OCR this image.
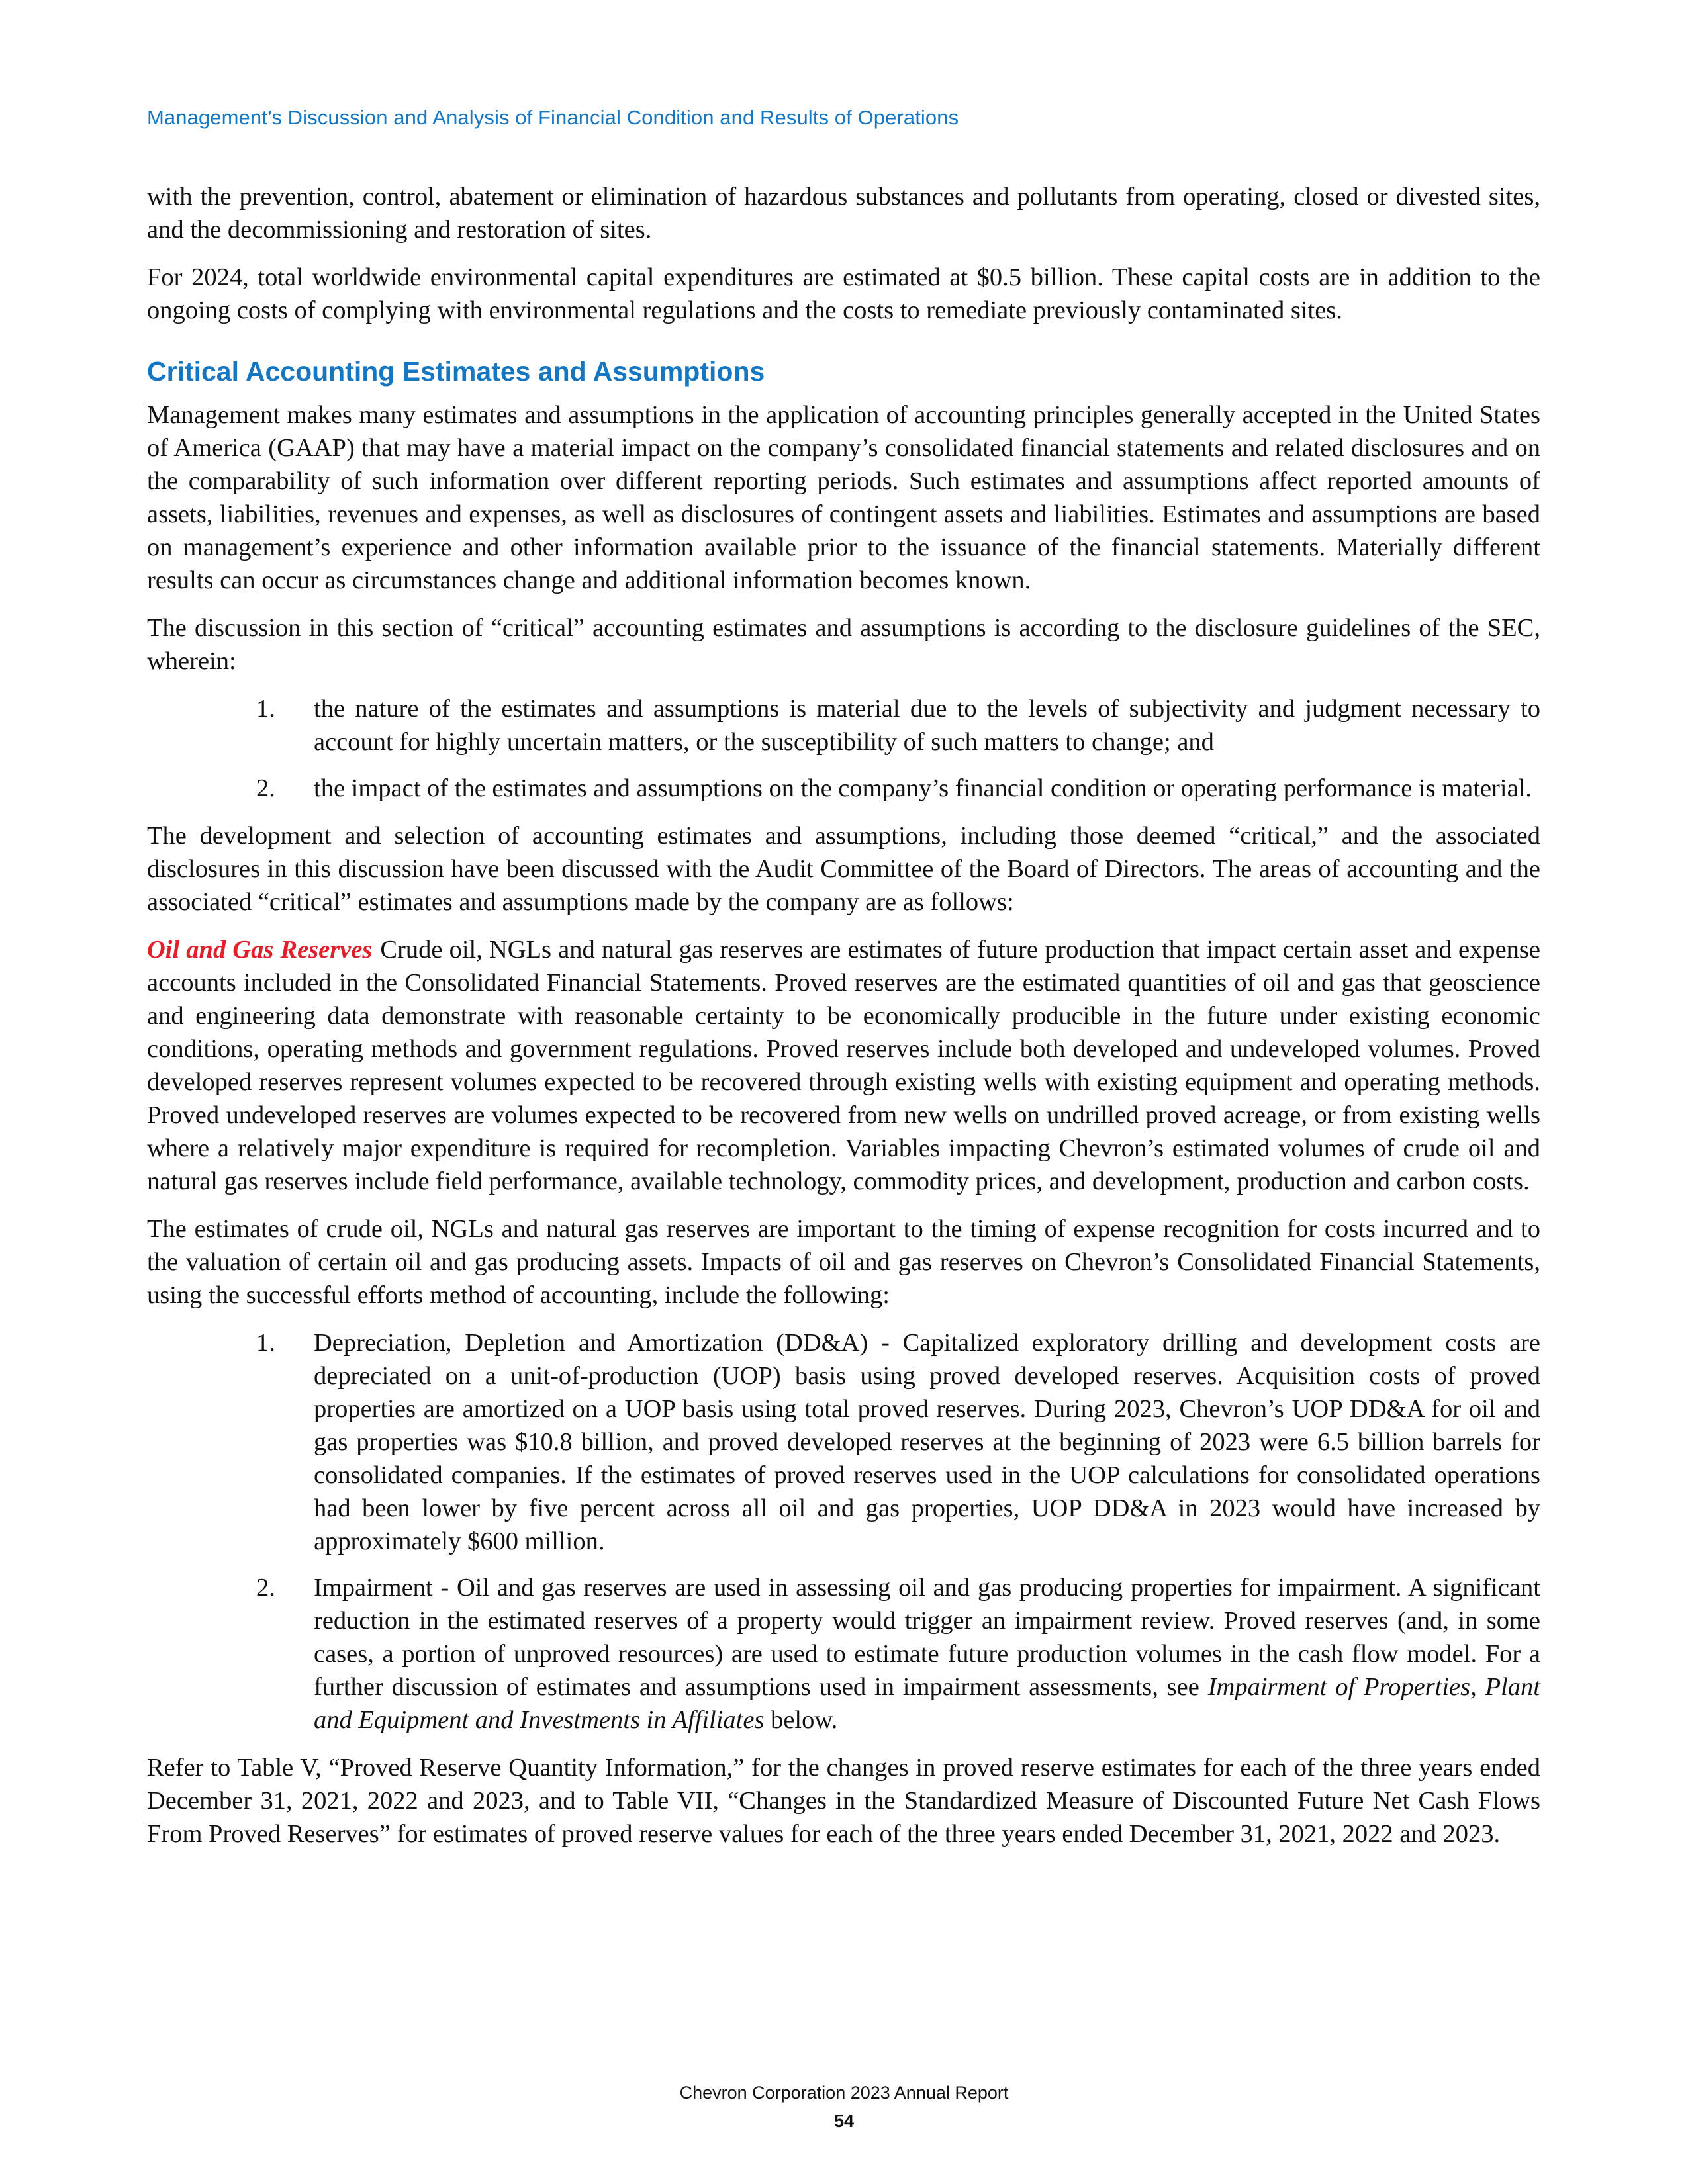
Management’s Discussion and Analysis of Financial Condition and Results of Operations

with the prevention, control, abatement or elimination of hazardous substances and pollutants from operating, closed or divested sites, and the decommissioning and restoration of sites.

For 2024, total worldwide environmental capital expenditures are estimated at $0.5 billion. These capital costs are in addition to the ongoing costs of complying with environmental regulations and the costs to remediate previously contaminated sites.

Critical Accounting Estimates and Assumptions

Management makes many estimates and assumptions in the application of accounting principles generally accepted in the United States of America (GAAP) that may have a material impact on the company’s consolidated financial statements and related disclosures and on the comparability of such information over different reporting periods. Such estimates and assumptions affect reported amounts of assets, liabilities, revenues and expenses, as well as disclosures of contingent assets and liabilities. Estimates and assumptions are based on management’s experience and other information available prior to the issuance of the financial statements. Materially different results can occur as circumstances change and additional information becomes known.

The discussion in this section of “critical” accounting estimates and assumptions is according to the disclosure guidelines of the SEC, wherein:

1. the nature of the estimates and assumptions is material due to the levels of subjectivity and judgment necessary to account for highly uncertain matters, or the susceptibility of such matters to change; and
2. the impact of the estimates and assumptions on the company’s financial condition or operating performance is material.

The development and selection of accounting estimates and assumptions, including those deemed “critical,” and the associated disclosures in this discussion have been discussed with the Audit Committee of the Board of Directors. The areas of accounting and the associated “critical” estimates and assumptions made by the company are as follows:

Oil and Gas Reserves Crude oil, NGLs and natural gas reserves are estimates of future production that impact certain asset and expense accounts included in the Consolidated Financial Statements. Proved reserves are the estimated quantities of oil and gas that geoscience and engineering data demonstrate with reasonable certainty to be economically producible in the future under existing economic conditions, operating methods and government regulations. Proved reserves include both developed and undeveloped volumes. Proved developed reserves represent volumes expected to be recovered through existing wells with existing equipment and operating methods. Proved undeveloped reserves are volumes expected to be recovered from new wells on undrilled proved acreage, or from existing wells where a relatively major expenditure is required for recompletion. Variables impacting Chevron’s estimated volumes of crude oil and natural gas reserves include field performance, available technology, commodity prices, and development, production and carbon costs.

The estimates of crude oil, NGLs and natural gas reserves are important to the timing of expense recognition for costs incurred and to the valuation of certain oil and gas producing assets. Impacts of oil and gas reserves on Chevron’s Consolidated Financial Statements, using the successful efforts method of accounting, include the following:

1. Depreciation, Depletion and Amortization (DD&A) - Capitalized exploratory drilling and development costs are depreciated on a unit-of-production (UOP) basis using proved developed reserves. Acquisition costs of proved properties are amortized on a UOP basis using total proved reserves. During 2023, Chevron’s UOP DD&A for oil and gas properties was $10.8 billion, and proved developed reserves at the beginning of 2023 were 6.5 billion barrels for consolidated companies. If the estimates of proved reserves used in the UOP calculations for consolidated operations had been lower by five percent across all oil and gas properties, UOP DD&A in 2023 would have increased by approximately $600 million.
2. Impairment - Oil and gas reserves are used in assessing oil and gas producing properties for impairment. A significant reduction in the estimated reserves of a property would trigger an impairment review. Proved reserves (and, in some cases, a portion of unproved resources) are used to estimate future production volumes in the cash flow model. For a further discussion of estimates and assumptions used in impairment assessments, see Impairment of Properties, Plant and Equipment and Investments in Affiliates below.

Refer to Table V, “Proved Reserve Quantity Information,” for the changes in proved reserve estimates for each of the three years ended December 31, 2021, 2022 and 2023, and to Table VII, “Changes in the Standardized Measure of Discounted Future Net Cash Flows From Proved Reserves” for estimates of proved reserve values for each of the three years ended December 31, 2021, 2022 and 2023.

Chevron Corporation 2023 Annual Report
54
